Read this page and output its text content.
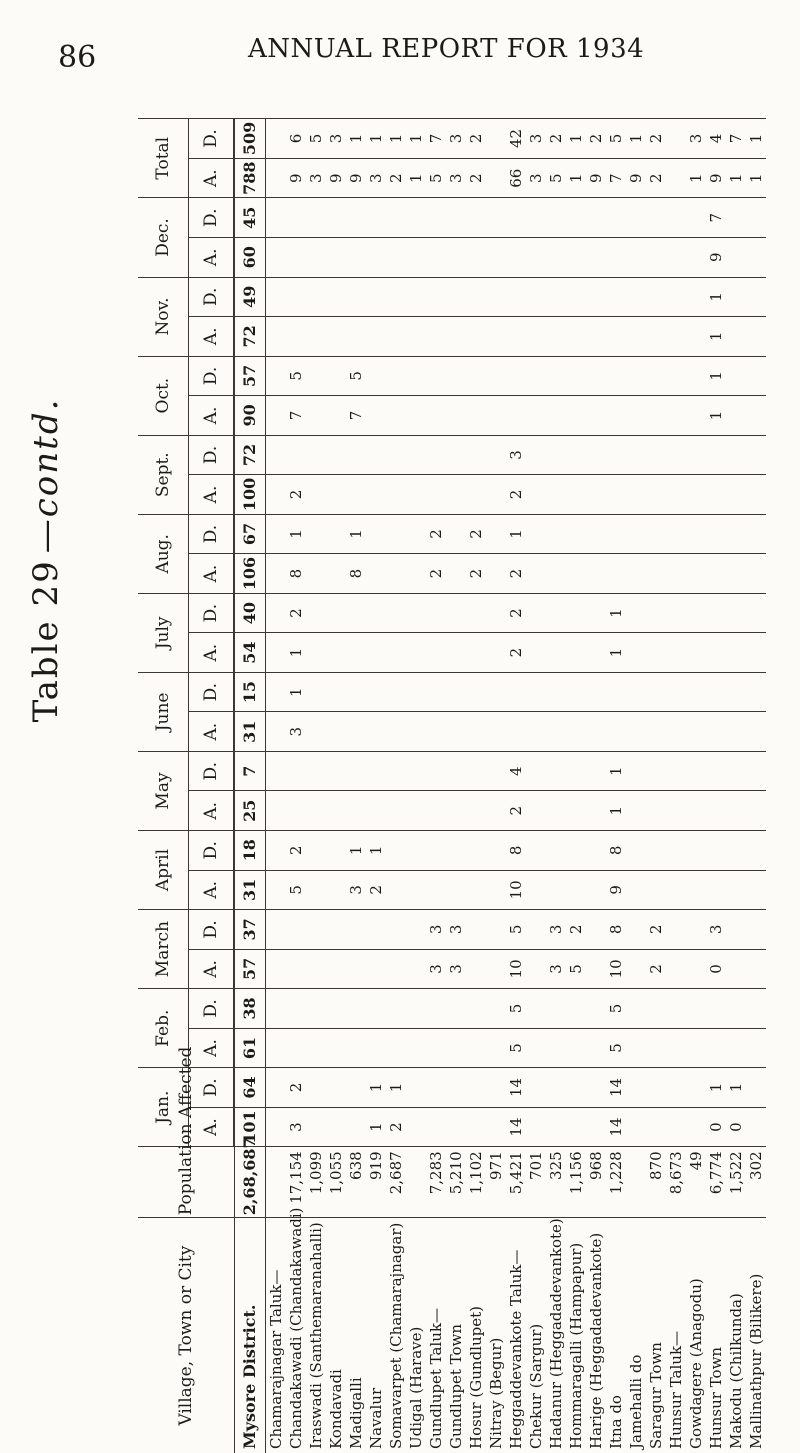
86	ANNUAL REPORT FOR 1934
Table 29
—contd.
Village, Town or City	Population Affected	Jan.		Feb.		March		April		May		June		July		Aug.		Sept.		Oct.		Nov.		Dec.		Total	
		A.	D.	A.	D.	A.	D.	A.	D.	A.	D.	A.	D.	A.	D.	A.	D.	A.	D.	A.	D.	A.	D.	A.	D.	A.	D.
Mysore District.	2,68,687	101	64	61	38	57	37	31	18	25	7	31	15	54	40	106	67	100	72	90	57	72	49	60	45	788	509
Chamarajnagar Taluk—																											
Chandakawadi (Chandakawadi)	17,154	3	2					5	2			3	1	1	2	8	1	2		7	5					9	6
Iraswadi (Santhemaranahalli)	1,099																									3	5
Kondavadi	1,055																									9	3
Madigalli	638							3	1							8	1			7	5					9	1
Navalur	919	1	1					2	1																	3	1
Somavarpet (Chamarajnagar)	2,687	2	1																							2	1
Udigal (Harave)																										1	1
Gundlupet Taluk—	7,283					3	3									2	2									5	7
Gundlupet Town	5,210					3	3																			3	3
Hosur (Gundlupet)	1,102															2	2									2	2
Nitray (Begur)	971																										
Heggaddevankote Taluk—	5,421	14	14	5	5	10	5	10	8	2	4			2	2	2	1	2	3							66	42
Chekur (Sargur)	701																									3	3
Hadanur (Heggadadevankote)	325					3	3																			5	2
Hommaragalli (Hampapur)	1,156					5	2																			1	1
Harige (Heggadadevankote)	968																									9	2
Itna do	1,228	14	14	5	5	10	8	9	8	1	1			1	1											7	5
Jamehalli do																										9	1
Saragur Town	870					2	2																			2	2
Hunsur Taluk—	8,673																										
Gowdagere (Anagodu)	49																									1	3
Hunsur Town	6,774	0	1			0	3													1	1	1	1	9	7	9	4
Makodu (Chilkunda)	1,522	0	1																							1	7
Mallinathpur (Bilikere)	302																									1	1
